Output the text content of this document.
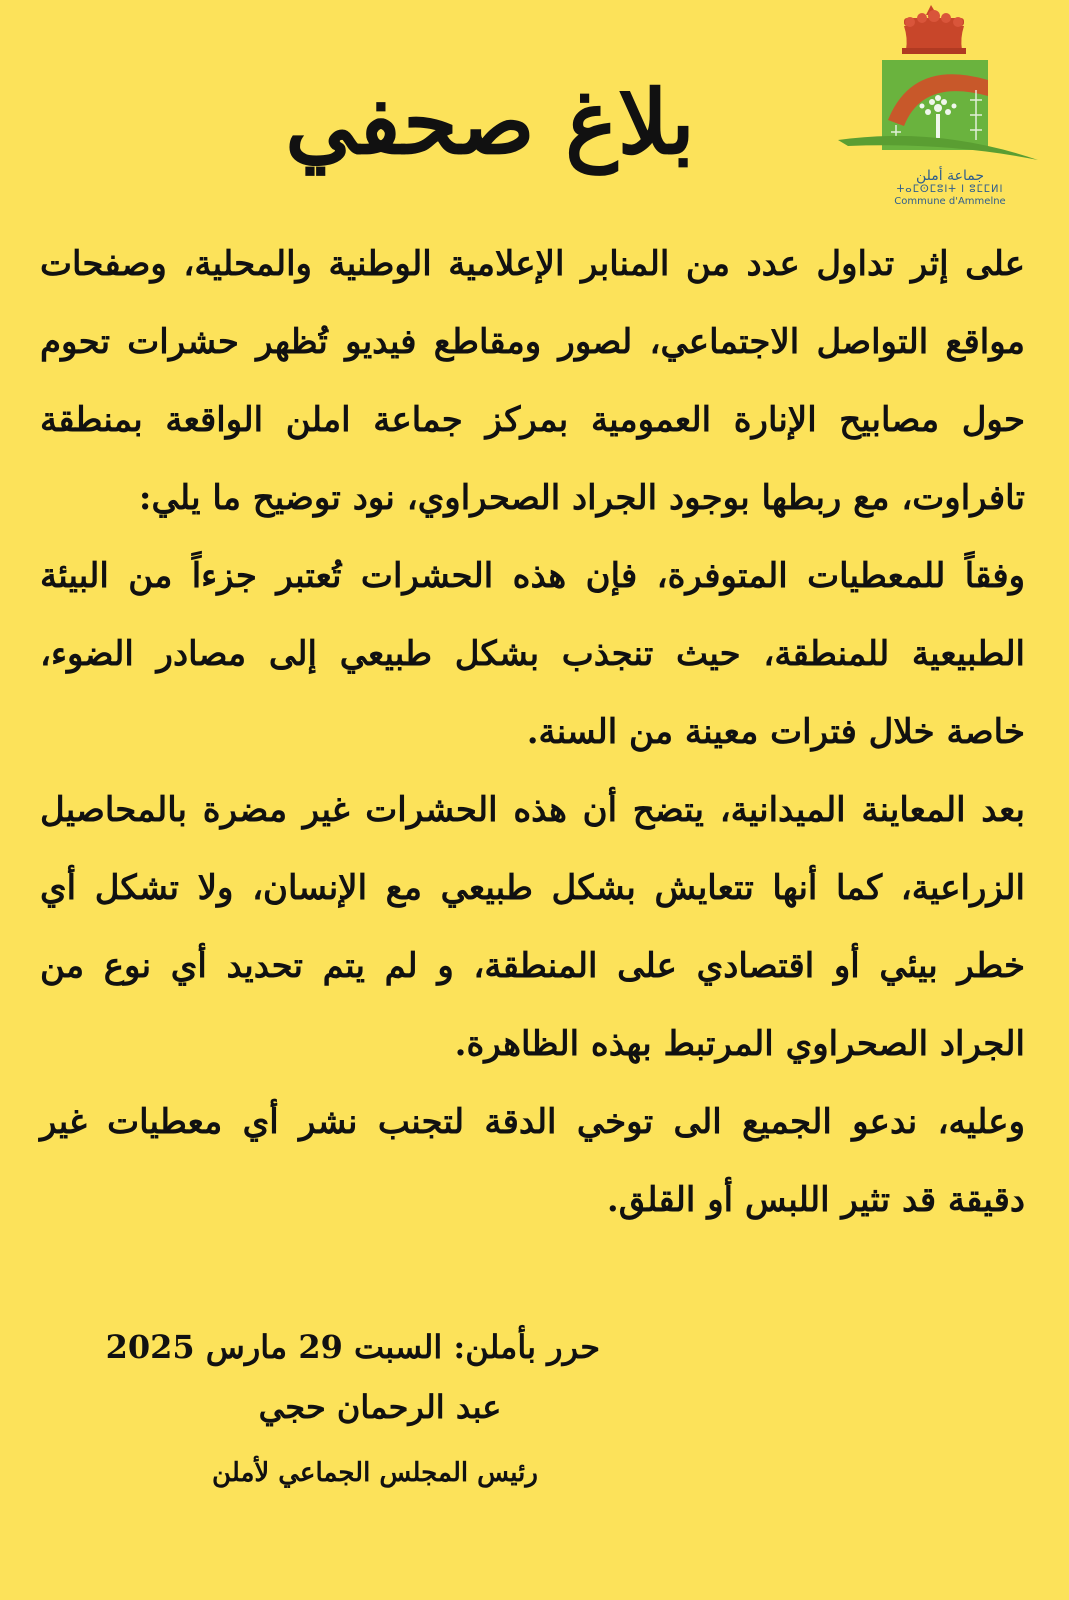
جماعة أملن
ⵜⴰⵎⵙⵎⵓⵏⵜ ⵏ ⵓⵎⵎⵍⵏ
Commune d'Ammelne
بلاغ صحفي

على إثر تداول عدد من المنابر الإعلامية الوطنية والمحلية، وصفحات مواقع التواصل الاجتماعي، لصور ومقاطع فيديو تُظهر حشرات تحوم حول مصابيح الإنارة العمومية بمركز جماعة املن الواقعة بمنطقة تافراوت، مع ربطها بوجود الجراد الصحراوي، نود توضيح ما يلي:

وفقاً للمعطيات المتوفرة، فإن هذه الحشرات تُعتبر جزءاً من البيئة الطبيعية للمنطقة، حيث تنجذب بشكل طبيعي إلى مصادر الضوء، خاصة خلال فترات معينة من السنة.

بعد المعاينة الميدانية، يتضح أن هذه الحشرات غير مضرة بالمحاصيل الزراعية، كما أنها تتعايش بشكل طبيعي مع الإنسان، ولا تشكل أي خطر بيئي أو اقتصادي على المنطقة، و لم يتم تحديد أي نوع من الجراد الصحراوي المرتبط بهذه الظاهرة.

وعليه، ندعو الجميع الى توخي الدقة لتجنب نشر أي معطيات غير دقيقة قد تثير اللبس أو القلق.

حرر بأملن: السبت 29 مارس 2025
عبد الرحمان حجي
رئيس المجلس الجماعي لأملن
